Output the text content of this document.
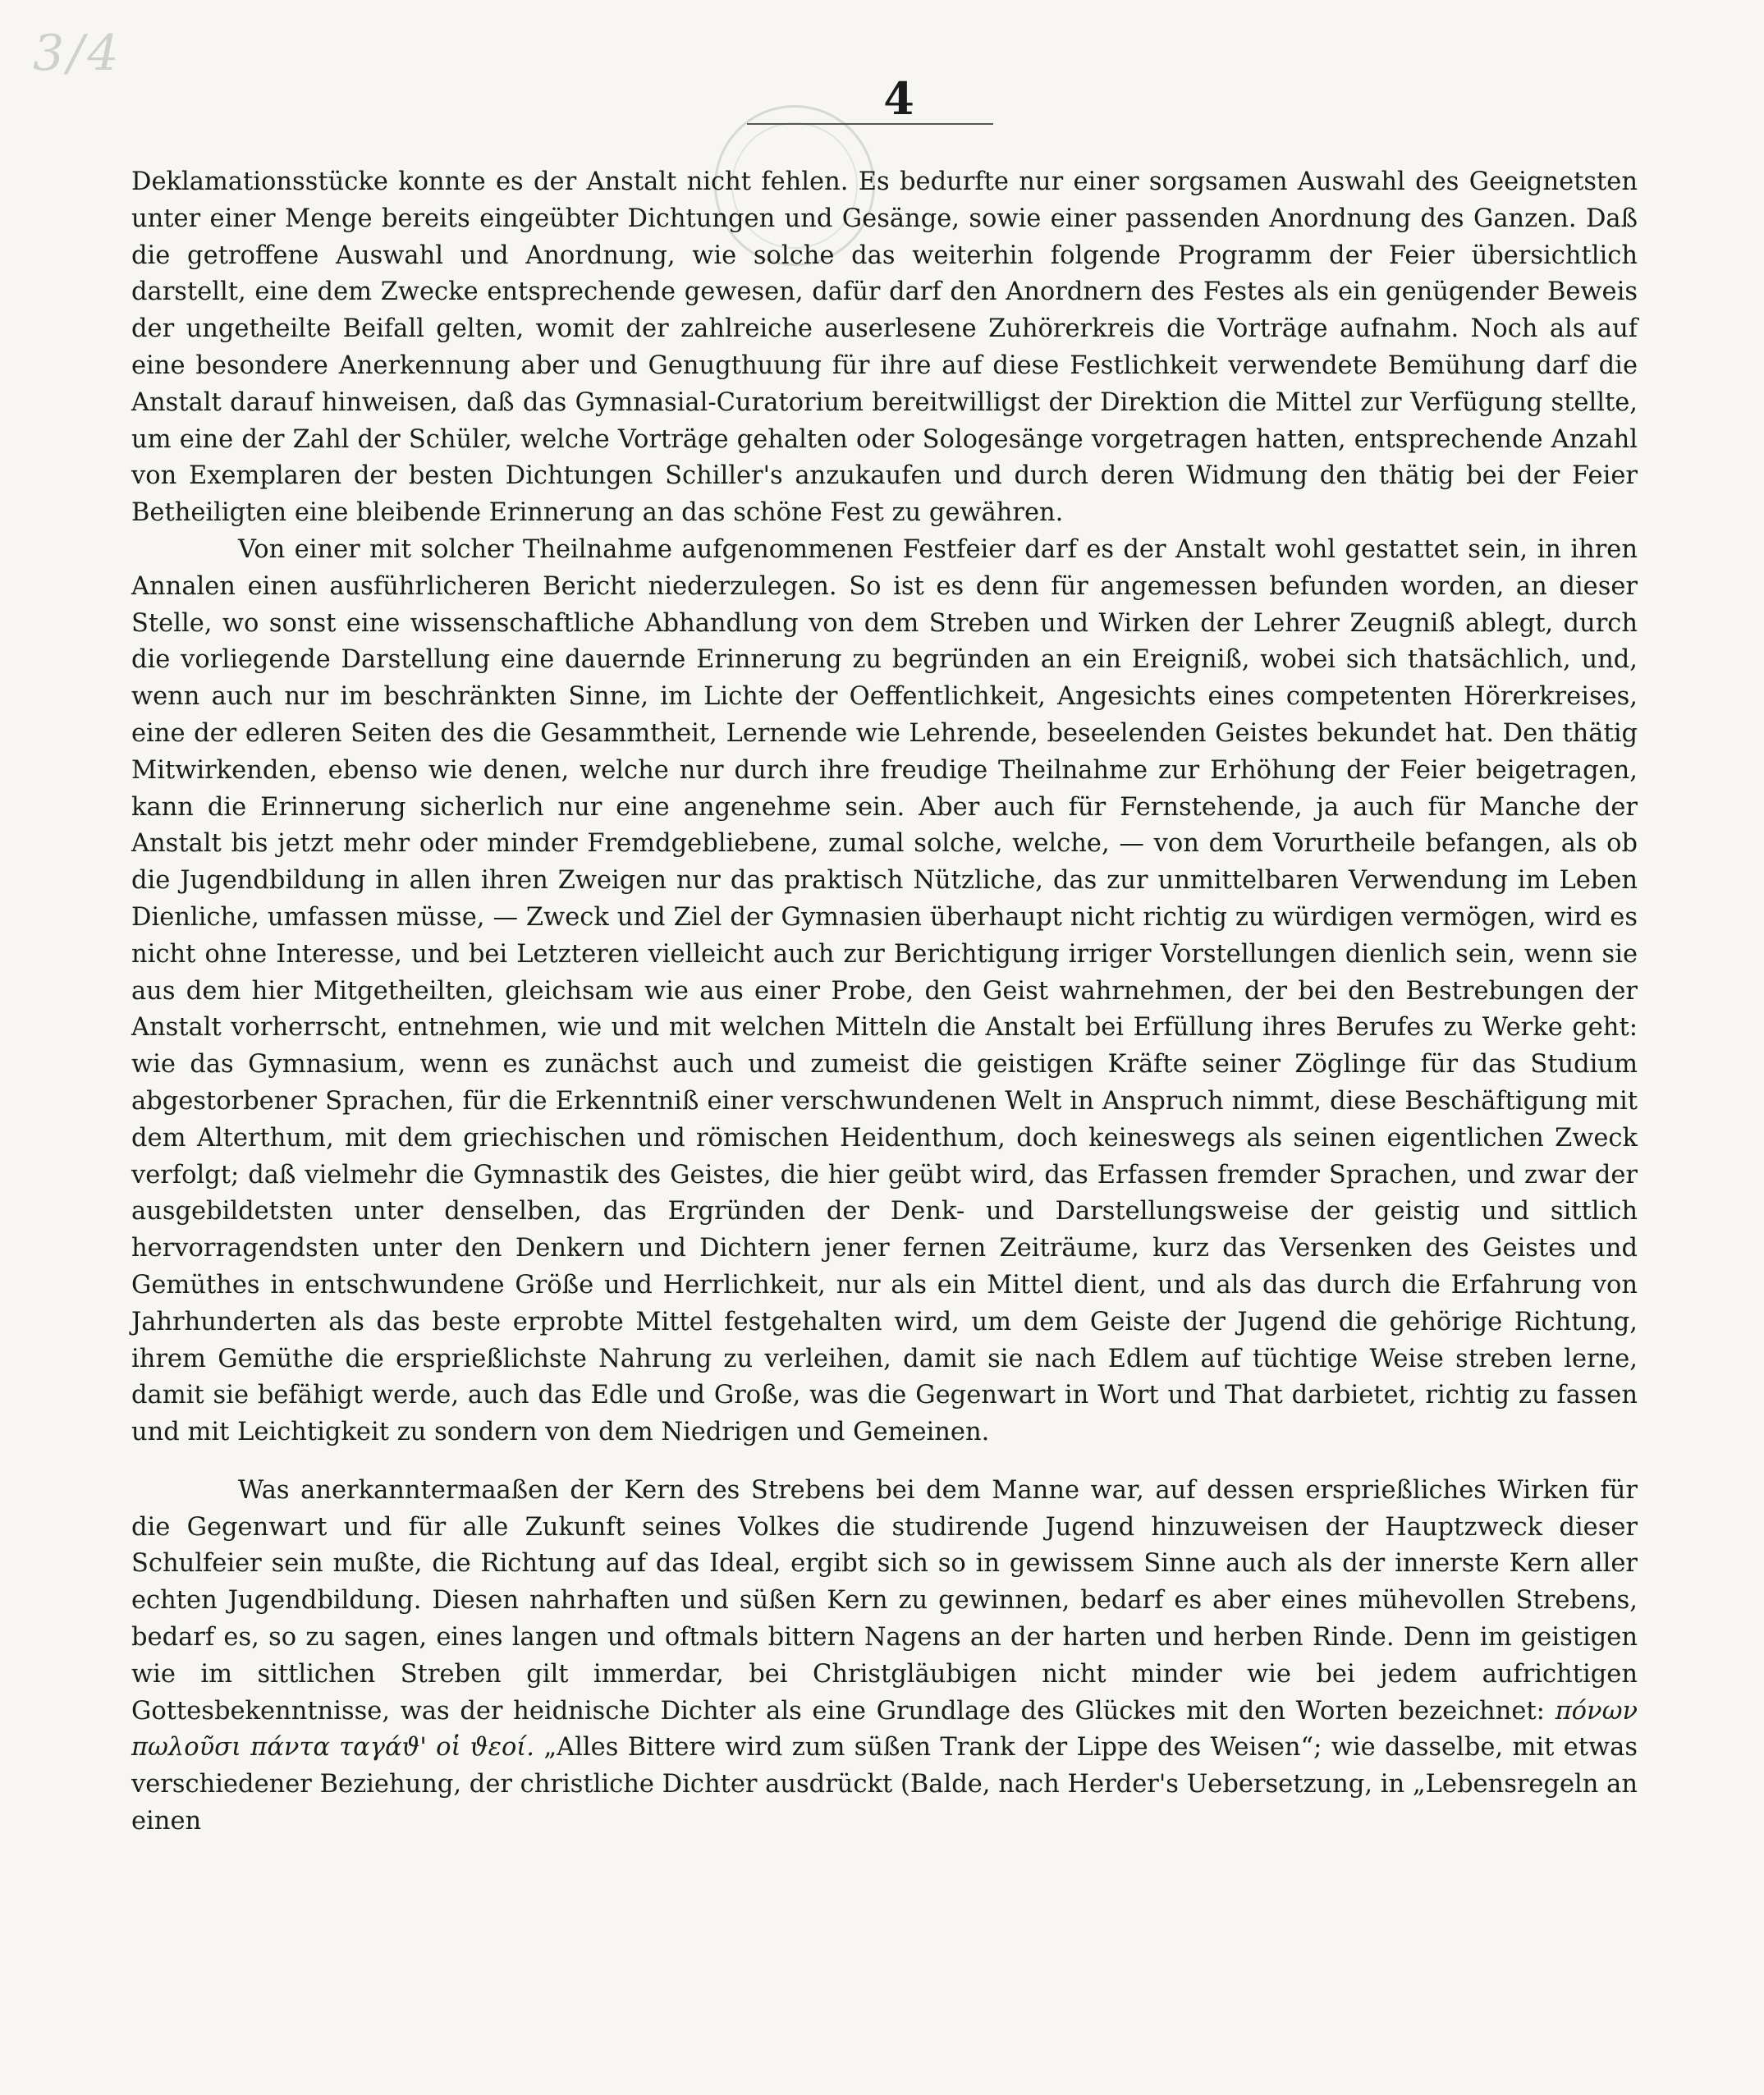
3/4
4

Deklamationsstücke konnte es der Anstalt nicht fehlen. Es bedurfte nur einer sorgsamen Auswahl des Geeignetsten unter einer Menge bereits eingeübter Dichtungen und Gesänge, sowie einer passenden Anordnung des Ganzen. Daß die getroffene Auswahl und Anordnung, wie solche das weiterhin folgende Programm der Feier übersichtlich darstellt, eine dem Zwecke entsprechende gewesen, dafür darf den Anordnern des Festes als ein genügender Beweis der ungetheilte Beifall gelten, womit der zahlreiche auserlesene Zuhörerkreis die Vorträge aufnahm. Noch als auf eine besondere Anerkennung aber und Genugthuung für ihre auf diese Festlichkeit verwendete Bemühung darf die Anstalt darauf hinweisen, daß das Gymnasial-Curatorium bereitwilligst der Direktion die Mittel zur Verfügung stellte, um eine der Zahl der Schüler, welche Vorträge gehalten oder Sologesänge vorgetragen hatten, entsprechende Anzahl von Exemplaren der besten Dichtungen Schiller's anzukaufen und durch deren Widmung den thätig bei der Feier Betheiligten eine bleibende Erinnerung an das schöne Fest zu gewähren.

Von einer mit solcher Theilnahme aufgenommenen Festfeier darf es der Anstalt wohl gestattet sein, in ihren Annalen einen ausführlicheren Bericht niederzulegen. So ist es denn für angemessen befunden worden, an dieser Stelle, wo sonst eine wissenschaftliche Abhandlung von dem Streben und Wirken der Lehrer Zeugniß ablegt, durch die vorliegende Darstellung eine dauernde Erinnerung zu begründen an ein Ereigniß, wobei sich thatsächlich, und, wenn auch nur im beschränkten Sinne, im Lichte der Oeffentlichkeit, Angesichts eines competenten Hörerkreises, eine der edleren Seiten des die Gesammtheit, Lernende wie Lehrende, beseelenden Geistes bekundet hat. Den thätig Mitwirkenden, ebenso wie denen, welche nur durch ihre freudige Theilnahme zur Erhöhung der Feier beigetragen, kann die Erinnerung sicherlich nur eine angenehme sein. Aber auch für Fernstehende, ja auch für Manche der Anstalt bis jetzt mehr oder minder Fremdgebliebene, zumal solche, welche, — von dem Vorurtheile befangen, als ob die Jugendbildung in allen ihren Zweigen nur das praktisch Nützliche, das zur unmittelbaren Verwendung im Leben Dienliche, umfassen müsse, — Zweck und Ziel der Gymnasien überhaupt nicht richtig zu würdigen vermögen, wird es nicht ohne Interesse, und bei Letzteren vielleicht auch zur Berichtigung irriger Vorstellungen dienlich sein, wenn sie aus dem hier Mitgetheilten, gleichsam wie aus einer Probe, den Geist wahrnehmen, der bei den Bestrebungen der Anstalt vorherrscht, entnehmen, wie und mit welchen Mitteln die Anstalt bei Erfüllung ihres Berufes zu Werke geht: wie das Gymnasium, wenn es zunächst auch und zumeist die geistigen Kräfte seiner Zöglinge für das Studium abgestorbener Sprachen, für die Erkenntniß einer verschwundenen Welt in Anspruch nimmt, diese Beschäftigung mit dem Alterthum, mit dem griechischen und römischen Heidenthum, doch keineswegs als seinen eigentlichen Zweck verfolgt; daß vielmehr die Gymnastik des Geistes, die hier geübt wird, das Erfassen fremder Sprachen, und zwar der ausgebildetsten unter denselben, das Ergründen der Denk- und Darstellungsweise der geistig und sittlich hervorragendsten unter den Denkern und Dichtern jener fernen Zeiträume, kurz das Versenken des Geistes und Gemüthes in entschwundene Größe und Herrlichkeit, nur als ein Mittel dient, und als das durch die Erfahrung von Jahrhunderten als das beste erprobte Mittel festgehalten wird, um dem Geiste der Jugend die gehörige Richtung, ihrem Gemüthe die ersprießlichste Nahrung zu verleihen, damit sie nach Edlem auf tüchtige Weise streben lerne, damit sie befähigt werde, auch das Edle und Große, was die Gegenwart in Wort und That darbietet, richtig zu fassen und mit Leichtigkeit zu sondern von dem Niedrigen und Gemeinen.

Was anerkanntermaaßen der Kern des Strebens bei dem Manne war, auf dessen ersprießliches Wirken für die Gegenwart und für alle Zukunft seines Volkes die studirende Jugend hinzuweisen der Hauptzweck dieser Schulfeier sein mußte, die Richtung auf das Ideal, ergibt sich so in gewissem Sinne auch als der innerste Kern aller echten Jugendbildung. Diesen nahrhaften und süßen Kern zu gewinnen, bedarf es aber eines mühevollen Strebens, bedarf es, so zu sagen, eines langen und oftmals bittern Nagens an der harten und herben Rinde. Denn im geistigen wie im sittlichen Streben gilt immerdar, bei Christgläubigen nicht minder wie bei jedem aufrichtigen Gottesbekenntnisse, was der heidnische Dichter als eine Grundlage des Glückes mit den Worten bezeichnet: πόνων πωλοῦσι πάντα ταγάϑ' οἱ ϑεοί. „Alles Bittere wird zum süßen Trank der Lippe des Weisen“; wie dasselbe, mit etwas verschiedener Beziehung, der christliche Dichter ausdrückt (Balde, nach Herder's Uebersetzung, in „Lebensregeln an einen
